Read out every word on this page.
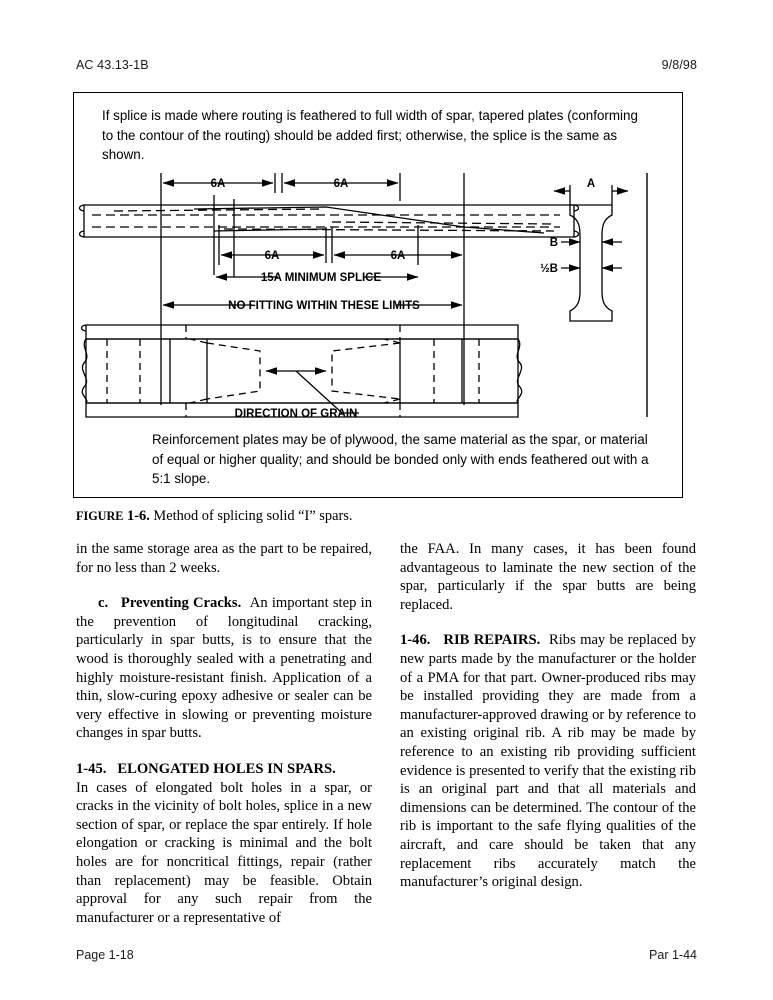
AC 43.13-1B	9/8/98
If splice is made where routing is feathered to full width of spar, tapered plates (conforming to the contour of the routing) should be added first; otherwise, the splice is the same as shown.
6A	6A
6A	6A
15A MINIMUM SPLICE
NO FITTING WITHIN THESE LIMITS
DIRECTION OF GRAIN
A
B
½B
Reinforcement plates may be of plywood, the same material as the spar, or material of equal or higher quality; and should be bonded only with ends feathered out with a 5:1 slope.
FIGURE 1-6. Method of splicing solid “I” spars.

in the same storage area as the part to be repaired, for no less than 2 weeks.

c. Preventing Cracks. An important step in the prevention of longitudinal cracking, particularly in spar butts, is to ensure that the wood is thoroughly sealed with a penetrating and highly moisture-resistant finish. Application of a thin, slow-curing epoxy adhesive or sealer can be very effective in slowing or preventing moisture changes in spar butts.

1-45. ELONGATED HOLES IN SPARS.
In cases of elongated bolt holes in a spar, or cracks in the vicinity of bolt holes, splice in a new section of spar, or replace the spar entirely. If hole elongation or cracking is minimal and the bolt holes are for noncritical fittings, repair (rather than replacement) may be feasible. Obtain approval for any such repair from the manufacturer or a representative of

the FAA. In many cases, it has been found advantageous to laminate the new section of the spar, particularly if the spar butts are being replaced.

1-46. RIB REPAIRS. Ribs may be replaced by new parts made by the manufacturer or the holder of a PMA for that part. Owner-produced ribs may be installed providing they are made from a manufacturer-approved drawing or by reference to an existing original rib. A rib may be made by reference to an existing rib providing sufficient evidence is presented to verify that the existing rib is an original part and that all materials and dimensions can be determined. The contour of the rib is important to the safe flying qualities of the aircraft, and care should be taken that any replacement ribs accurately match the manufacturer’s original design.

Page 1-18	Par 1-44
